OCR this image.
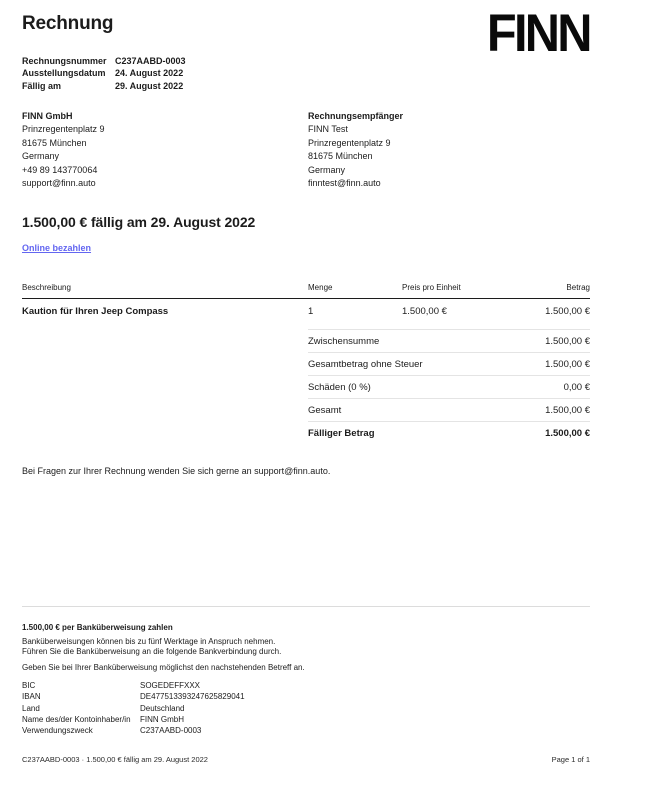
Rechnung	FINN
Rechnungsnummer C237AABD-0003
Ausstellungsdatum	24. August 2022
Fällig am	29. August 2022
FINN GmbH
Prinzregentenplatz 9
81675 München
Germany
+49 89 143770064
support@finn.auto
Rechnungsempfänger
FINN Test
Prinzregentenplatz 9
81675 München
Germany
finntest@finn.auto
1.500,00 € fällig am 29. August 2022
Online bezahlen
Beschreibung	Menge	Preis pro Einheit	Betrag
Kaution für Ihren Jeep Compass	1	1.500,00 €	1.500,00 €
Zwischensumme	1.500,00 €
Gesamtbetrag ohne Steuer	1.500,00 €
Schäden (0 %)	0,00 €
Gesamt	1.500,00 €
Fälliger Betrag	1.500,00 €

Bei Fragen zur Ihrer Rechnung wenden Sie sich gerne an support@finn.auto.

1.500,00 € per Banküberweisung zahlen

Banküberweisungen können bis zu fünf Werktage in Anspruch nehmen.

Führen Sie die Banküberweisung an die folgende Bankverbindung durch.

Geben Sie bei Ihrer Banküberweisung möglichst den nachstehenden Betreff an.

BIC	SOGEDEFFXXX
IBAN	DE477513393247625829041
Land	Deutschland
Name des/der Kontoinhaber/in	FINN GmbH
Verwendungszweck	C237AABD-0003
C237AABD-0003 · 1.500,00 € fällig am 29. August 2022	Page 1 of 1
